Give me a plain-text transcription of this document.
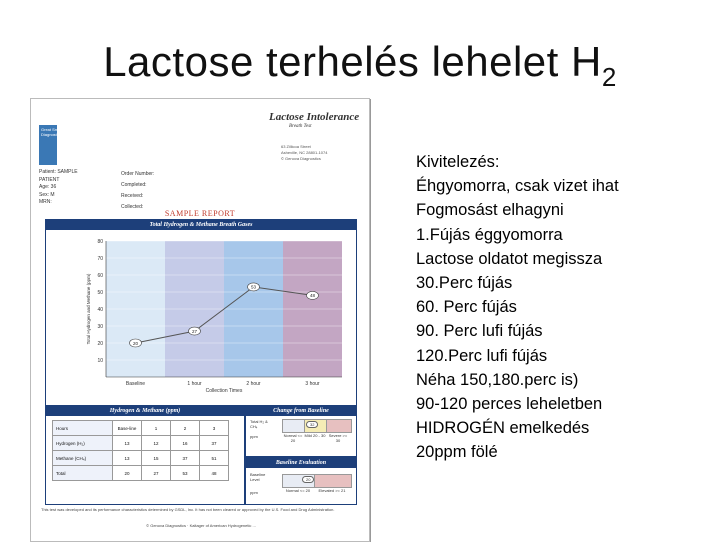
Lactose terhelés lehelet $H_2$
Great Smokies Diagnostic Lab
Lactose Intolerance
Breath Test
63 Zillicoa Street
Asheville, NC 28801-1074
© Genova Diagnostics
Patient: SAMPLE
PATIENT
Age: 36
Sex: M
MRN:
Order Number:
Completed:
Received:
Collected:
SAMPLE REPORT
Total Hydrogen & Methane Breath Gases
10
20
30
40
50
60
70
80
20
27
53
48
Baseline	1 hour	2 hour	3 hour
Collection Times
Total Hydrogen and Methane (ppm)
Hydrogen & Methane (ppm)
Hours	Base-line	1	2	3
Hydrogen (H₂)	13	12	16	37
Methane (CH₄)	13	15	37	51
Total	20	27	53	48
Change from Baseline
Total H₂ & CH₄
ppm
32
Normal <= 20
Mild 20 - 30 Severe >= 30
Baseline Evaluation
Baseline Level
ppm
20
Normal <= 20	Elevated >= 21
This test was developed and its performance characteristics determined by GSDL, Inc. It has not been cleared or approved by the U.S. Food and Drug Administration.
© Genova Diagnostics · Kaltager of American Hydrogenetic ...
Kivitelezés:
Éhgyomorra, csak vizet ihat
Fogmosást elhagyni
1.Fújás éggyomorra
Lactose oldatot megissza
30.Perc fújás
60. Perc fújás
90. Perc lufi fújás
120.Perc lufi fújás
Néha 150,180.perc is)
90-120 perces leheletben
HIDROGÉN emelkedés
20ppm fölé
